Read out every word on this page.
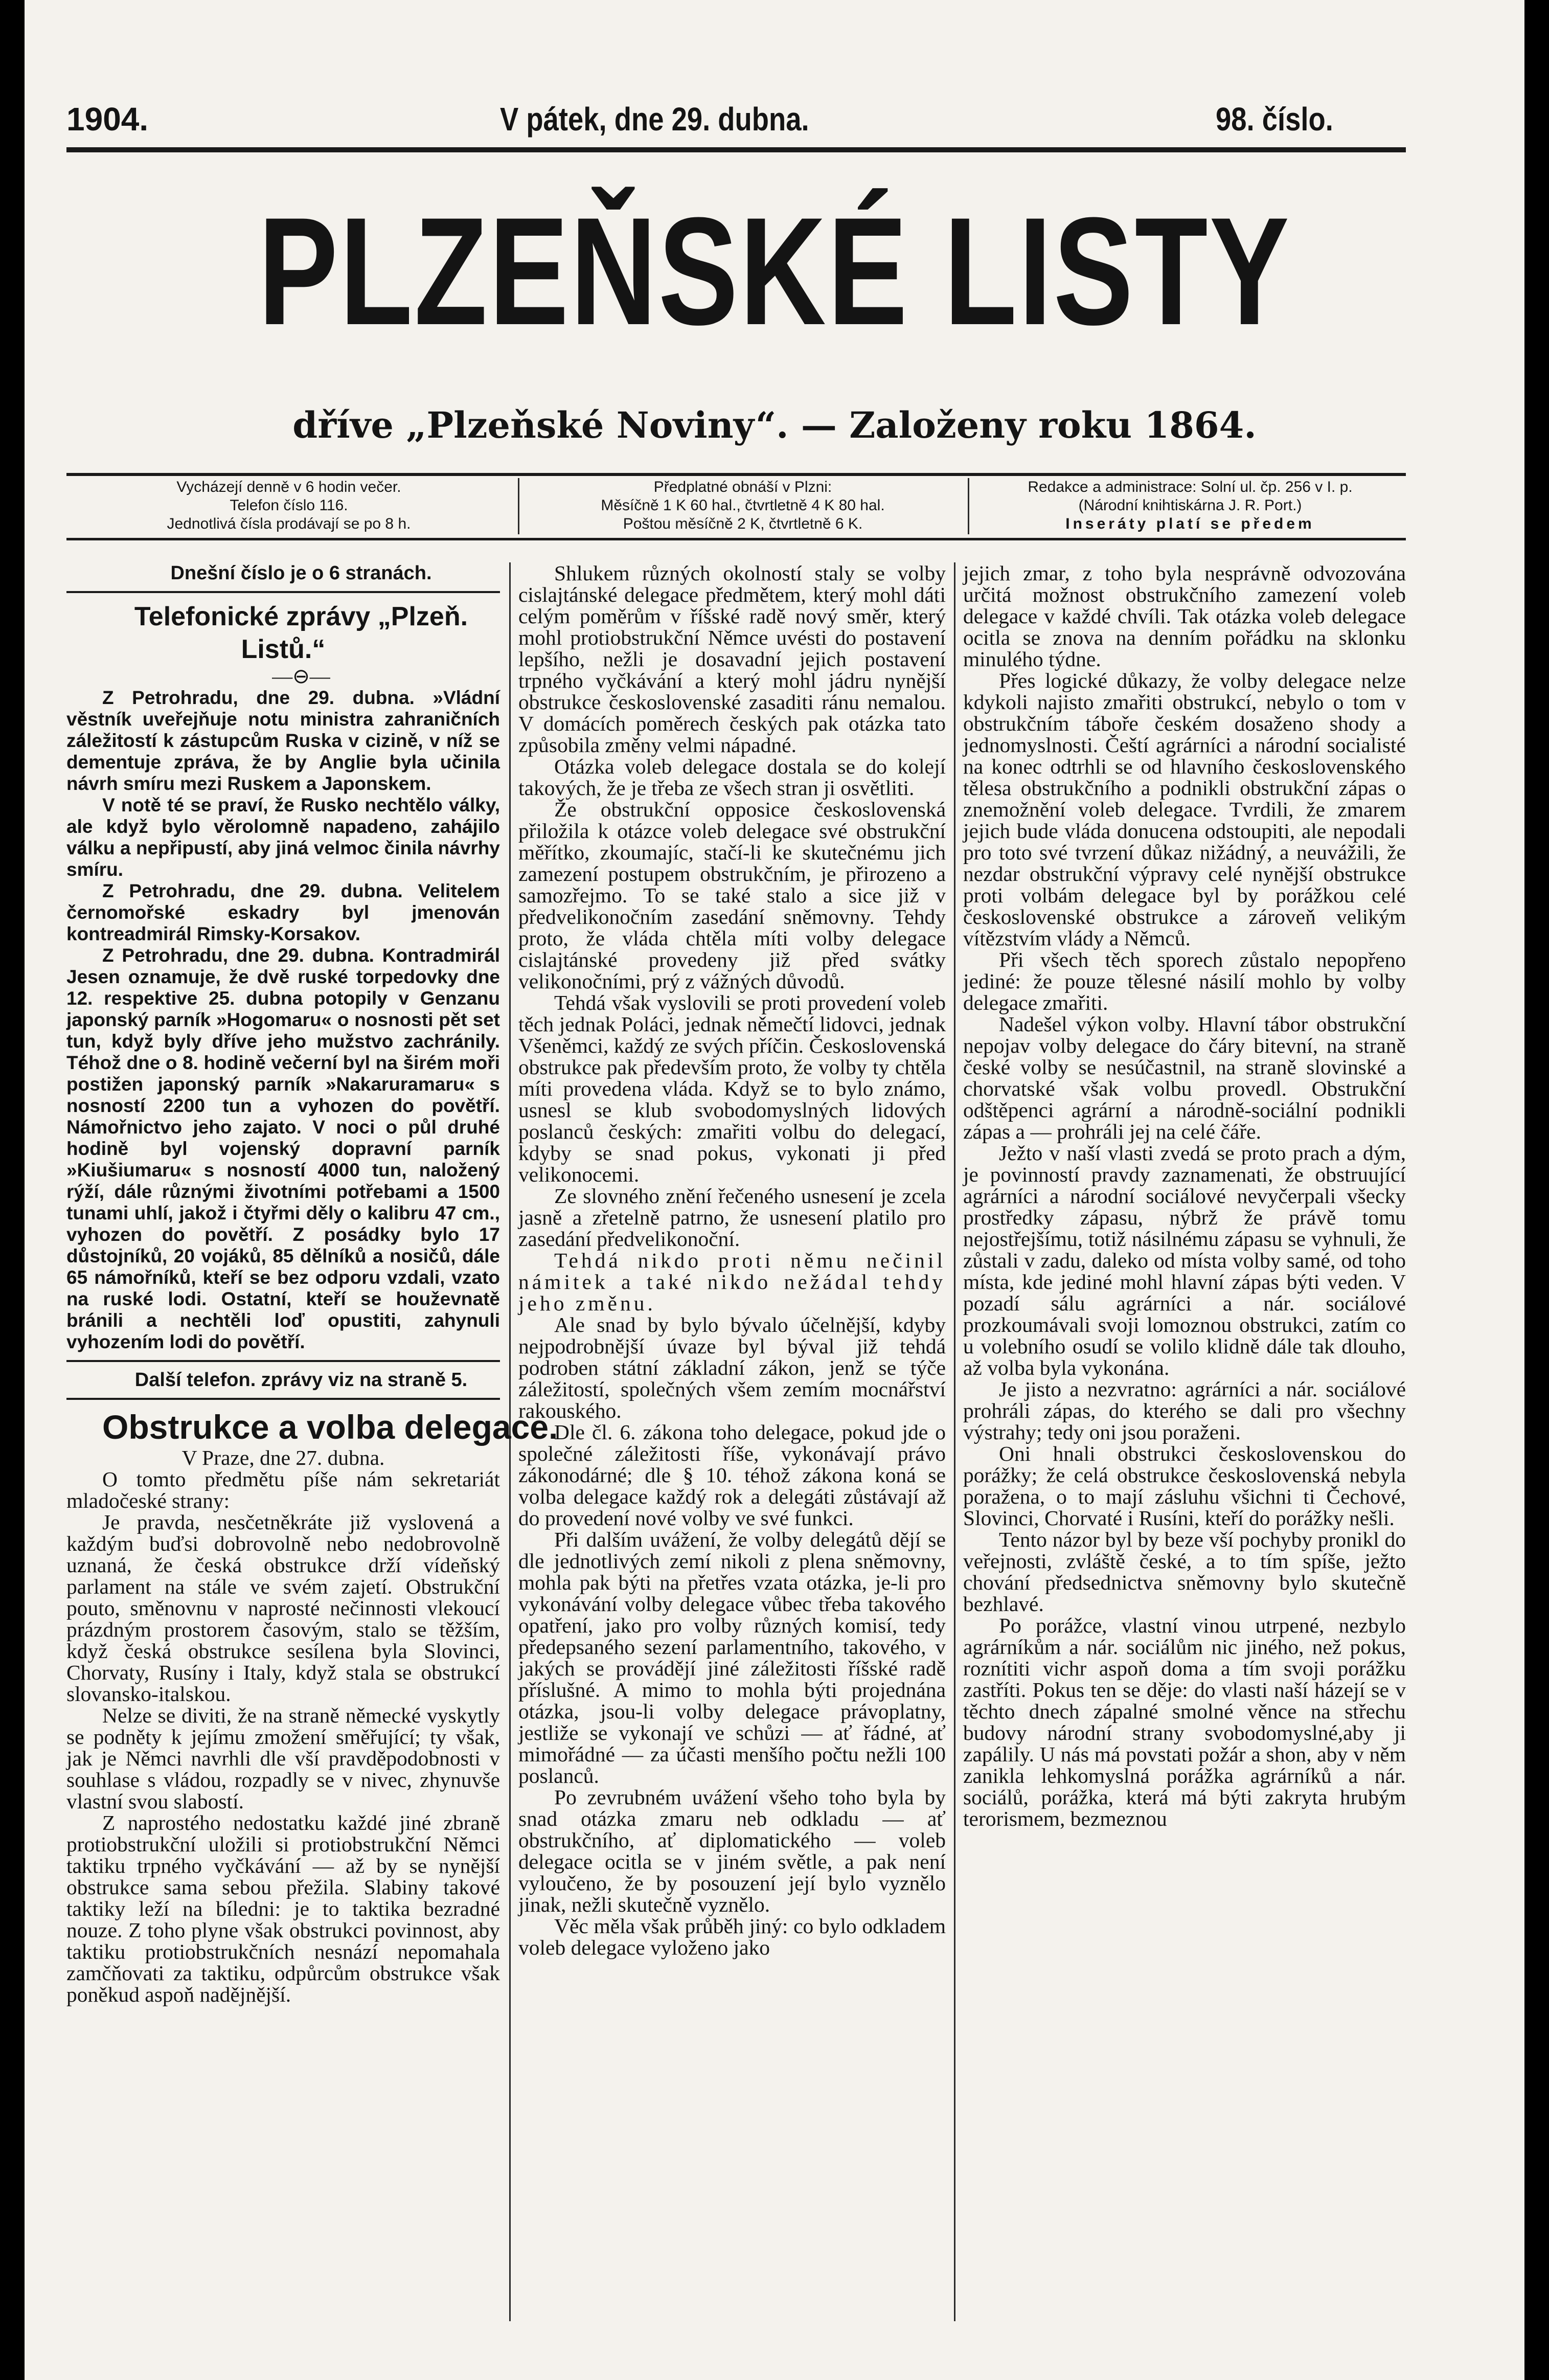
1904.	V pátek, dne 29. dubna.	98. číslo.
PLZEŇSKÉ LISTY
dříve „Plzeňské Noviny“. — Založeny roku 1864.
Vycházejí denně v 6 hodin večer.
Telefon číslo 116.
Jednotlivá čísla prodávají se po 8 h.
Předplatné obnáší v Plzni:
Měsíčně 1 K 60 hal., čtvrtletně 4 K 80 hal.
Poštou měsíčně 2 K, čtvrtletně 6 K.
Redakce a administrace: Solní ul. čp. 256 v I. p.
(Národní knihtiskárna J. R. Port.)
Inseráty platí se předem

Dnešní číslo je o 6 stranách.

Telefonické zprávy „Plzeň. Listů.“

—⊖—

Z Petrohradu, dne 29. dubna. »Vládní věstník uveřejňuje notu ministra zahraničních záležitostí k zástupcům Ruska v cizině, v níž se dementuje zpráva, že by Anglie byla učinila návrh smíru mezi Ruskem a Japonskem.

V notě té se praví, že Rusko nechtělo války, ale když bylo věrolomně napadeno, zahájilo válku a nepřipustí, aby jiná velmoc činila návrhy smíru.

Z Petrohradu, dne 29. dubna. Velitelem černomořské eskadry byl jmenován kontreadmirál Rimsky-Korsakov.

Z Petrohradu, dne 29. dubna. Kontradmirál Jesen oznamuje, že dvě ruské torpedovky dne 12. respektive 25. dubna potopily v Genzanu japonský parník »Hogomaru« o nosnosti pět set tun, když byly dříve jeho mužstvo zachránily. Téhož dne o 8. hodině večerní byl na širém moři postižen japonský parník »Nakaruramaru« s nosností 2200 tun a vyhozen do povětří. Námořnictvo jeho zajato. V noci o půl druhé hodině byl vojenský dopravní parník »Kiušiumaru« s nosností 4000 tun, naložený rýží, dále různými životními potřebami a 1500 tunami uhlí, jakož i čtyřmi děly o kalibru 47 cm., vyhozen do povětří. Z posádky bylo 17 důstojníků, 20 vojáků, 85 dělníků a nosičů, dále 65 námořníků, kteří se bez odporu vzdali, vzato na ruské lodi. Ostatní, kteří se houževnatě bránili a nechtěli loď opustiti, zahynuli vyhozením lodi do povětří.

Další telefon. zprávy viz na straně 5.

Obstrukce a volba delegace.

V Praze, dne 27. dubna.

O tomto předmětu píše nám sekretariát mladočeské strany:

Je pravda, nesčetněkráte již vyslovená a každým buďsi dobrovolně nebo nedobrovolně uznaná, že česká obstrukce drží vídeňský parlament na stále ve svém zajetí. Obstrukční pouto, směnovnu v naprosté nečinnosti vlekoucí prázdným prostorem časovým, stalo se těžším, když česká obstrukce sesílena byla Slovinci, Chorvaty, Rusíny i Italy, když stala se obstrukcí slovansko-italskou.

Nelze se diviti, že na straně německé vyskytly se podněty k jejímu zmožení směřující; ty však, jak je Němci navrhli dle vší pravděpodobnosti v souhlase s vládou, rozpadly se v nivec, zhynuvše vlastní svou slabostí.

Z naprostého nedostatku každé jiné zbraně protiobstrukční uložili si protiobstrukční Němci taktiku trpného vyčkávání — až by se nynější obstrukce sama sebou přežila. Slabiny takové taktiky leží na bíledni: je to taktika bezradné nouze. Z toho plyne však obstrukci povinnost, aby taktiku protiobstrukčních nesnází nepomahala zamčňovati za taktiku, odpůrcům obstrukce však poněkud aspoň nadějnější.

Shlukem různých okolností staly se volby cislajtánské delegace předmětem, který mohl dáti celým poměrům v říšské radě nový směr, který mohl protiobstrukční Němce uvésti do postavení lepšího, nežli je dosavadní jejich postavení trpného vyčkávání a který mohl jádru nynější obstrukce československé zasaditi ránu nemalou. V domácích poměrech českých pak otázka tato způsobila změny velmi nápadné.

Otázka voleb delegace dostala se do kolejí takových, že je třeba ze všech stran ji osvětliti.

Že obstrukční opposice československá přiložila k otázce voleb delegace své obstrukční měřítko, zkoumajíc, stačí-li ke skutečnému jich zamezení postupem obstrukčním, je přirozeno a samozřejmo. To se také stalo a sice již v předvelikonočním zasedání sněmovny. Tehdy proto, že vláda chtěla míti volby delegace cislajtánské provedeny již před svátky velikonočními, prý z vážných důvodů.

Tehdá však vyslovili se proti provedení voleb těch jednak Poláci, jednak němečtí lidovci, jednak Všeněmci, každý ze svých příčin. Československá obstrukce pak především proto, že volby ty chtěla míti provedena vláda. Když se to bylo známo, usnesl se klub svobodomyslných lidových poslanců českých: zmařiti volbu do delegací, kdyby se snad pokus, vykonati ji před velikonocemi.

Ze slovného znění řečeného usnesení je zcela jasně a zřetelně patrno, že usnesení platilo pro zasedání předvelikonoční.

Tehdá nikdo proti němu nečinil námitek a také nikdo nežádal tehdy jeho změnu.

Ale snad by bylo bývalo účelnější, kdyby nejpodrobnější úvaze byl býval již tehdá podroben státní základní zákon, jenž se týče záležitostí, společných všem zemím mocnářství rakouského.

Dle čl. 6. zákona toho delegace, pokud jde o společné záležitosti říše, vykonávají právo zákonodárné; dle § 10. téhož zákona koná se volba delegace každý rok a delegáti zůstávají až do provedení nové volby ve své funkci.

Při dalším uvážení, že volby delegátů dějí se dle jednotlivých zemí nikoli z plena sněmovny, mohla pak býti na přetřes vzata otázka, je-li pro vykonávání volby delegace vůbec třeba takového opatření, jako pro volby různých komisí, tedy předepsaného sezení parlamentního, takového, v jakých se provádějí jiné záležitosti říšské radě příslušné. A mimo to mohla býti projednána otázka, jsou-li volby delegace právoplatny, jestliže se vykonají ve schůzi — ať řádné, ať mimořádné — za účasti menšího počtu nežli 100 poslanců.

Po zevrubném uvážení všeho toho byla by snad otázka zmaru neb odkladu — ať obstrukčního, ať diplomatického — voleb delegace ocitla se v jiném světle, a pak není vyloučeno, že by posouzení její bylo vyznělo jinak, nežli skutečně vyznělo.

Věc měla však průběh jiný: co bylo odkladem voleb delegace vyloženo jako

jejich zmar, z toho byla nesprávně odvozována určitá možnost obstrukčního zamezení voleb delegace v každé chvíli. Tak otázka voleb delegace ocitla se znova na denním pořádku na sklonku minulého týdne.

Přes logické důkazy, že volby delegace nelze kdykoli najisto zmařiti obstrukcí, nebylo o tom v obstrukčním táboře českém dosaženo shody a jednomyslnosti. Čeští agrárníci a národní socialisté na konec odtrhli se od hlavního československého tělesa obstrukčního a podnikli obstrukční zápas o znemožnění voleb delegace. Tvrdili, že zmarem jejich bude vláda donucena odstoupiti, ale nepodali pro toto své tvrzení důkaz nižádný, a neuvážili, že nezdar obstrukční výpravy celé nynější obstrukce proti volbám delegace byl by porážkou celé československé obstrukce a zároveň velikým vítězstvím vlády a Němců.

Při všech těch sporech zůstalo nepopřeno jediné: že pouze tělesné násilí mohlo by volby delegace zmařiti.

Nadešel výkon volby. Hlavní tábor obstrukční nepojav volby delegace do čáry bitevní, na straně české volby se nesúčastnil, na straně slovinské a chorvatské však volbu provedl. Obstrukční odštěpenci agrární a národně-sociální podnikli zápas a — prohráli jej na celé čáře.

Ježto v naší vlasti zvedá se proto prach a dým, je povinností pravdy zaznamenati, že obstruující agrárníci a národní sociálové nevyčerpali všecky prostředky zápasu, nýbrž že právě tomu nejostřejšímu, totiž násilnému zápasu se vyhnuli, že zůstali v zadu, daleko od místa volby samé, od toho místa, kde jediné mohl hlavní zápas býti veden. V pozadí sálu agrárníci a nár. sociálové prozkoumávali svoji lomoznou obstrukci, zatím co u volebního osudí se volilo klidně dále tak dlouho, až volba byla vykonána.

Je jisto a nezvratno: agrárníci a nár. sociálové prohráli zápas, do kterého se dali pro všechny výstrahy; tedy oni jsou poraženi.

Oni hnali obstrukci československou do porážky; že celá obstrukce československá nebyla poražena, o to mají zásluhu všichni ti Čechové, Slovinci, Chorvaté i Rusíni, kteří do porážky nešli.

Tento názor byl by beze vší pochyby pronikl do veřejnosti, zvláště české, a to tím spíše, ježto chování předsednictva sněmovny bylo skutečně bezhlavé.

Po porážce, vlastní vinou utrpené, nezbylo agrárníkům a nár. sociálům nic jiného, než pokus, roznítiti vichr aspoň doma a tím svoji porážku zastříti. Pokus ten se děje: do vlasti naší házejí se v těchto dnech zápalné smolné věnce na střechu budovy národní strany svobodomyslné,aby ji zapálily. U nás má povstati požár a shon, aby v něm zanikla lehkomyslná porážka agrárníků a nár. sociálů, porážka, která má býti zakryta hrubým terorismem, bezmeznou
